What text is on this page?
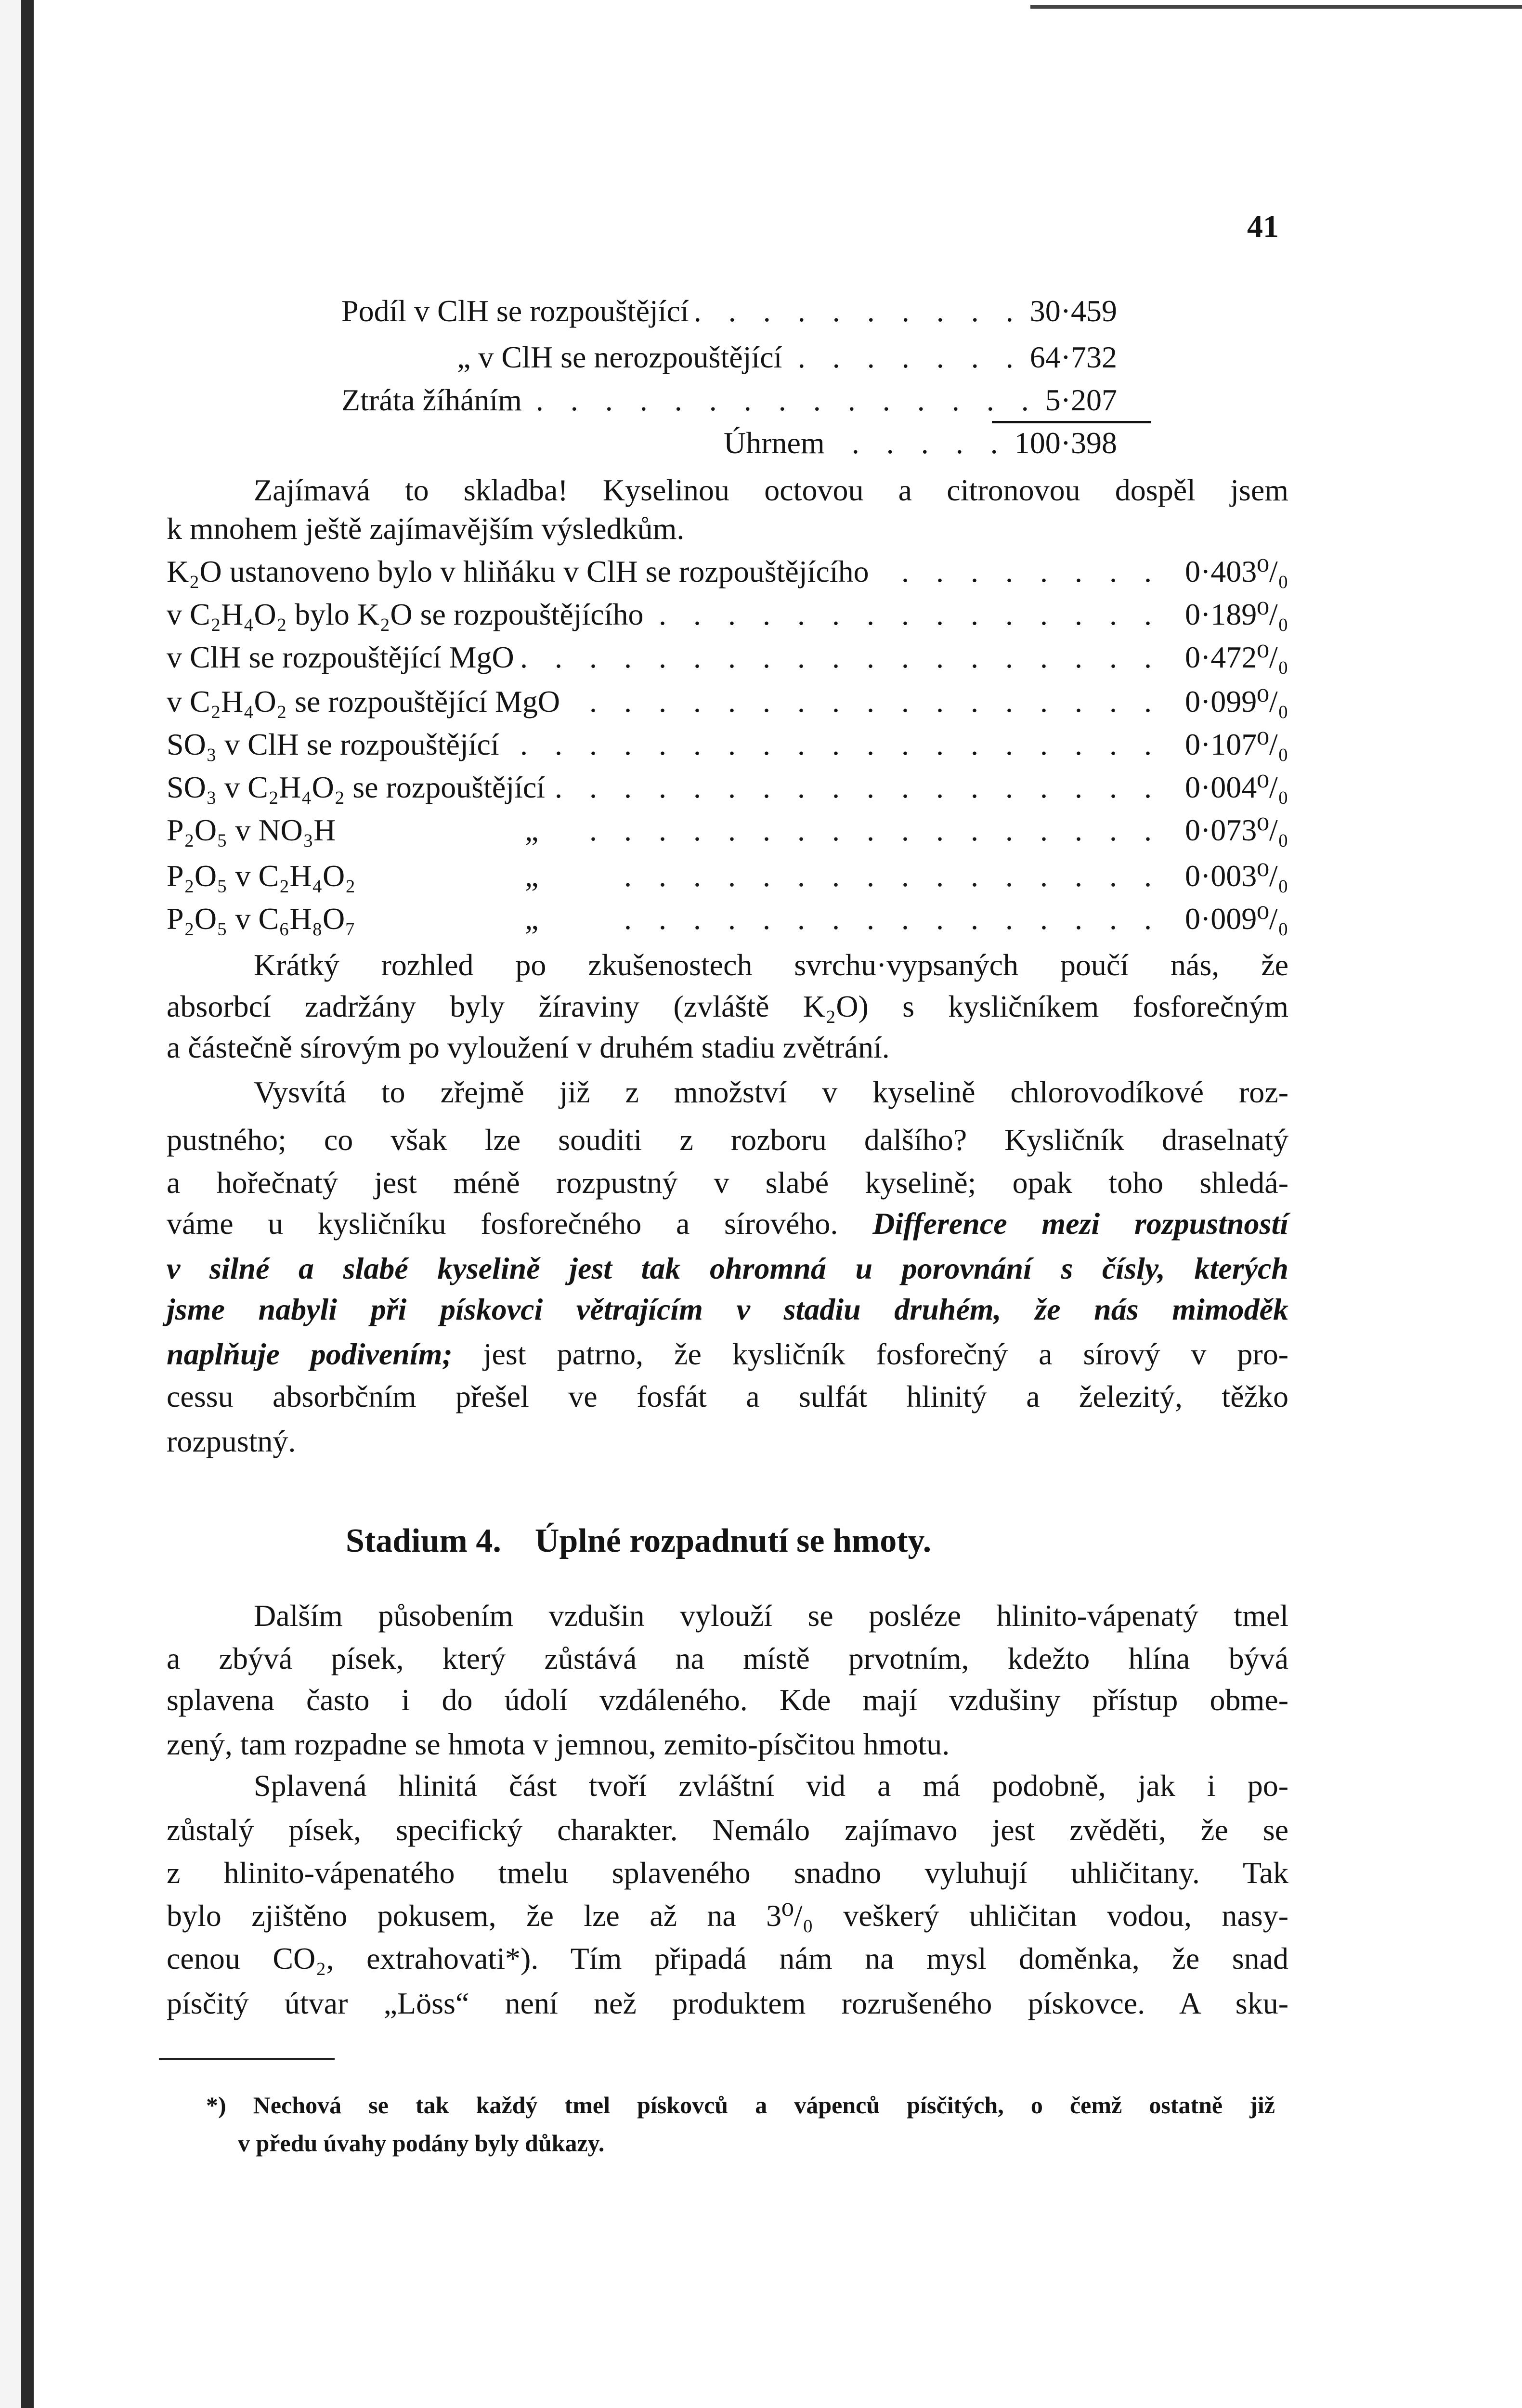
41
Podíl v ClH se rozpouštějící . . .	30·459
„ v ClH se nerozpouštějící . . .	64·732
Ztráta žíháním . . .	5·207
Úhrnem . . .	100·398
K₂O ustanoveno bylo v hliňáku v ClH se rozpouštějícího . . .	0·403⁰/₀
v C₂H₄O₂ bylo K₂O se rozpouštějícího . . .	0·189⁰/₀
v ClH se rozpouštějící MgO . . .	0·472⁰/₀
v C₂H₄O₂ se rozpouštějící MgO . . .	0·099⁰/₀
SO₃ v ClH se rozpouštějící . . .	0·107⁰/₀
SO₃ v C₂H₄O₂ se rozpouštějící . . .	0·004⁰/₀
P₂O₅ v NO₃H	„ . . .	0·073⁰/₀
P₂O₅ v C₂H₄O₂	„ . . .	0·003⁰/₀
P₂O₅ v C₆H₈O₇	„ . . .	0·009⁰/₀
Zajímavá to skladba! Kyselinou octovou a citronovou dospěl jsem
k mnohem ještě zajímavějším výsledkům.
Krátký rozhled po zkušenostech svrchu·vypsaných poučí nás, že
absorbcí zadržány byly žíraviny (zvláště K₂O) s kysličníkem fosforečným
a částečně sírovým po vyloužení v druhém stadiu zvětrání.
Vysvítá to zřejmě již z množství v kyselině chlorovodíkové roz-
pustného; co však lze souditi z rozboru dalšího? Kysličník draselnatý
a hořečnatý jest méně rozpustný v slabé kyselině; opak toho shledá-
váme u kysličníku fosforečného a sírového. Difference mezi rozpustností
v silné a slabé kyselině jest tak ohromná u porovnání s čísly, kterých
jsme nabyli při pískovci větrajícím v stadiu druhém, že nás mimoděk
naplňuje podivením; jest patrno, že kysličník fosforečný a sírový v pro-
cessu absorbčním přešel ve fosfát a sulfát hlinitý a železitý, těžko
rozpustný.
Dalším působením vzdušin vylouží se posléze hlinito-vápenatý tmel
a zbývá písek, který zůstává na místě prvotním, kdežto hlína bývá
splavena často i do údolí vzdáleného. Kde mají vzdušiny přístup obme-
zený, tam rozpadne se hmota v jemnou, zemito-písčitou hmotu.
Splavená hlinitá část tvoří zvláštní vid a má podobně, jak i po-
zůstalý písek, specifický charakter. Nemálo zajímavo jest zvěděti, že se
z hlinito-vápenatého tmelu splaveného snadno vyluhují uhličitany. Tak
bylo zjištěno pokusem, že lze až na 3⁰/₀ veškerý uhličitan vodou, nasy-
cenou CO₂, extrahovati*). Tím připadá nám na mysl doměnka, že snad
písčitý útvar „Löss“ není než produktem rozrušeného pískovce. A sku-
Stadium 4. Úplné rozpadnutí se hmoty.
*) Nechová se tak každý tmel pískovců a vápenců písčitých, o čemž ostatně již
v předu úvahy podány byly důkazy.
